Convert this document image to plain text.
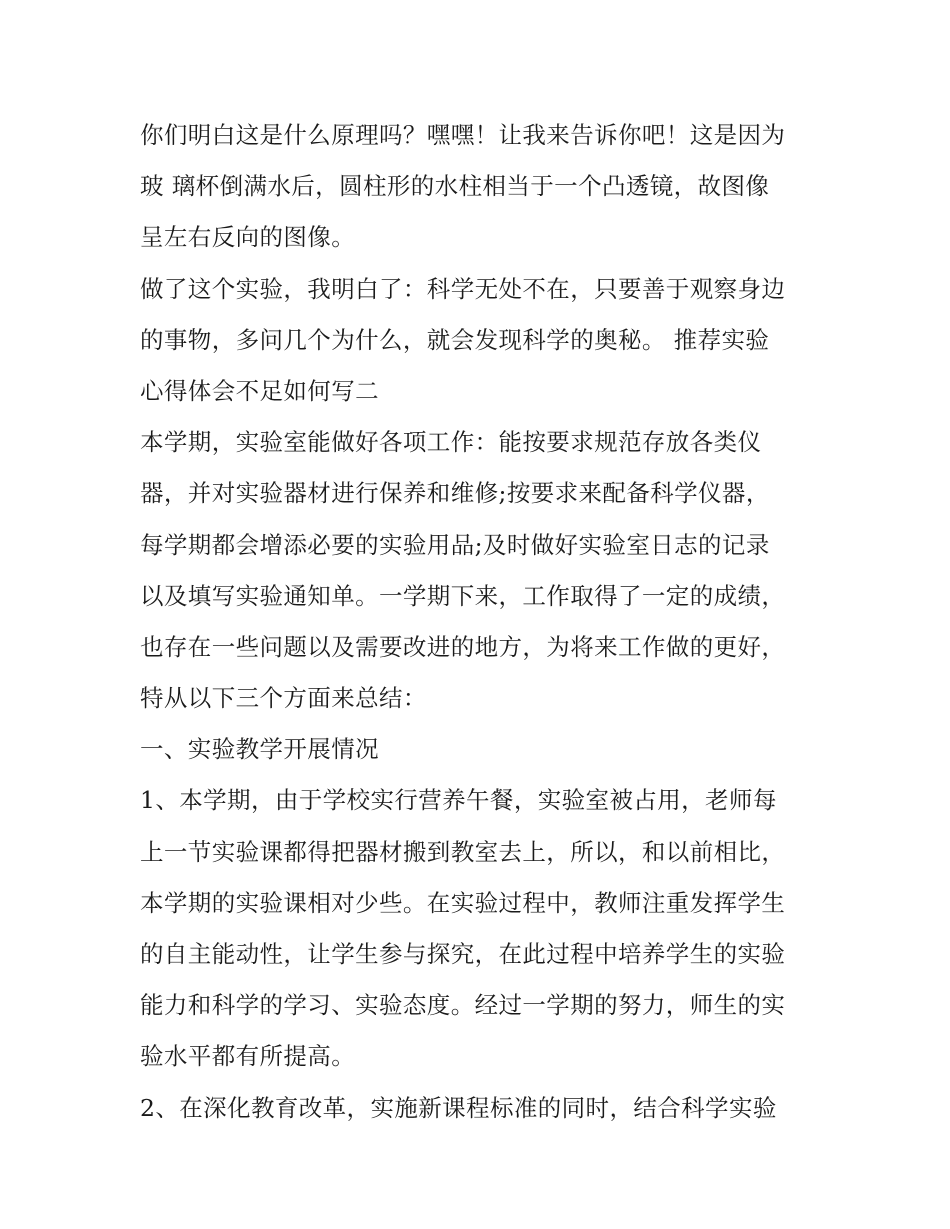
你们明白这是什么原理吗？嘿嘿！让我来告诉你吧！这是因为
玻 璃杯倒满水后，圆柱形的水柱相当于一个凸透镜，故图像
呈左右反向的图像。
做了这个实验，我明白了：科学无处不在，只要善于观察身边
的事物，多问几个为什么，就会发现科学的奥秘。 推荐实验
心得体会不足如何写二
本学期，实验室能做好各项工作：能按要求规范存放各类仪
器，并对实验器材进行保养和维修;按要求来配备科学仪器，
每学期都会增添必要的实验用品;及时做好实验室日志的记录
以及填写实验通知单。一学期下来，工作取得了一定的成绩，
也存在一些问题以及需要改进的地方，为将来工作做的更好，
特从以下三个方面来总结：
一、实验教学开展情况
1、本学期，由于学校实行营养午餐，实验室被占用，老师每
上一节实验课都得把器材搬到教室去上，所以，和以前相比，
本学期的实验课相对少些。在实验过程中，教师注重发挥学生
的自主能动性，让学生参与探究，在此过程中培养学生的实验
能力和科学的学习、实验态度。经过一学期的努力，师生的实
验水平都有所提高。
2、在深化教育改革，实施新课程标准的同时，结合科学实验
